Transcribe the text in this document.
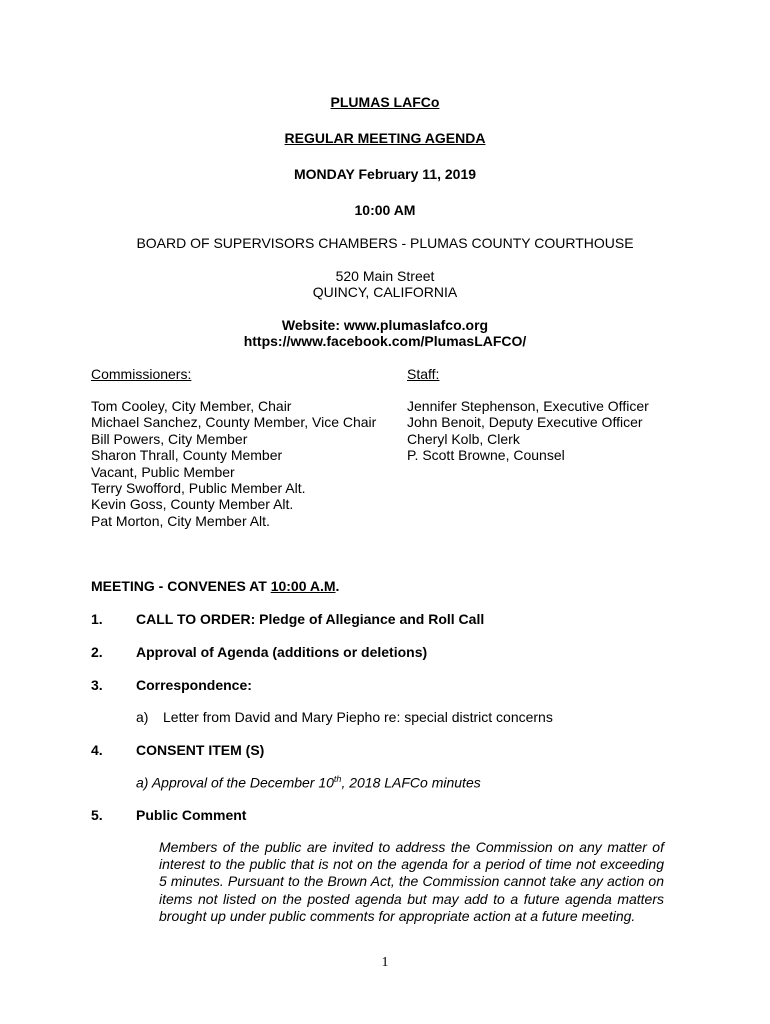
PLUMAS LAFCo
REGULAR MEETING AGENDA
MONDAY February 11, 2019
10:00 AM
BOARD OF SUPERVISORS CHAMBERS - PLUMAS COUNTY COURTHOUSE
520 Main Street
QUINCY, CALIFORNIA
Website: www.plumaslafco.org
https://www.facebook.com/PlumasLAFCO/
Commissioners:
Tom Cooley, City Member, Chair
Michael Sanchez, County Member, Vice Chair
Bill Powers, City Member
Sharon Thrall, County Member
Vacant, Public Member
Terry Swofford, Public Member Alt.
Kevin Goss, County Member Alt.
Pat Morton, City Member Alt.
Staff:
Jennifer Stephenson, Executive Officer
John Benoit, Deputy Executive Officer
Cheryl Kolb, Clerk
P. Scott Browne, Counsel
MEETING - CONVENES AT 10:00 A.M.
1. CALL TO ORDER: Pledge of Allegiance and Roll Call
2. Approval of Agenda (additions or deletions)
3. Correspondence:
a) Letter from David and Mary Piepho re: special district concerns
4. CONSENT ITEM (S)
a) Approval of the December 10th, 2018 LAFCo minutes
5. Public Comment
Members of the public are invited to address the Commission on any matter of interest to the public that is not on the agenda for a period of time not exceeding 5 minutes. Pursuant to the Brown Act, the Commission cannot take any action on items not listed on the posted agenda but may add to a future agenda matters brought up under public comments for appropriate action at a future meeting.
1
